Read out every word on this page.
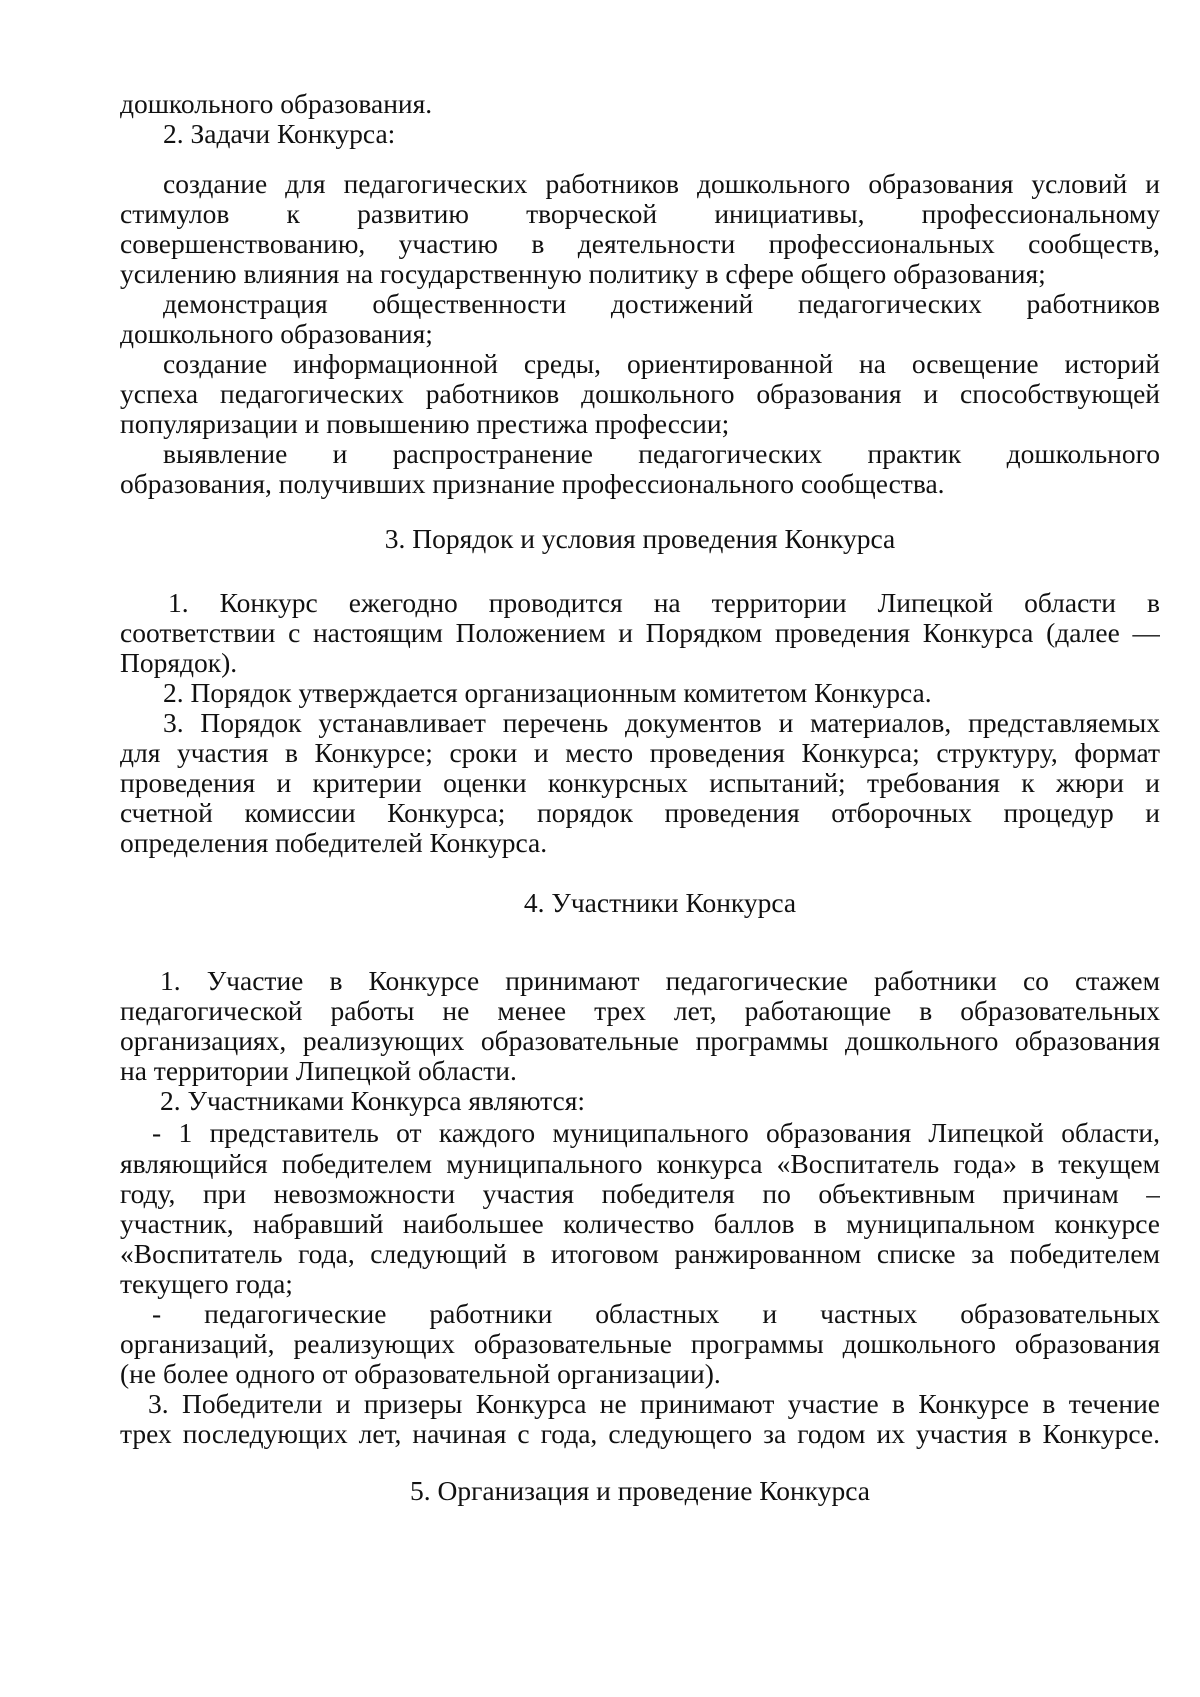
дошкольного образования.

2. Задачи Конкурса:

создание для педагогических работников дошкольного образования условий и

стимулов к развитию творческой инициативы, профессиональному

совершенствованию, участию в деятельности профессиональных сообществ,

усилению влияния на государственную политику в сфере общего образования;

демонстрация общественности достижений педагогических работников

дошкольного образования;

создание информационной среды, ориентированной на освещение историй

успеха педагогических работников дошкольного образования и способствующей

популяризации и повышению престижа профессии;

выявление и распространение педагогических практик дошкольного

образования, получивших признание профессионального сообщества.

3. Порядок и условия проведения Конкурса

1. Конкурс ежегодно проводится на территории Липецкой области в

соответствии с настоящим Положением и Порядком проведения Конкурса (далее —

Порядок).

2. Порядок утверждается организационным комитетом Конкурса.

3. Порядок устанавливает перечень документов и материалов, представляемых

для участия в Конкурсе; сроки и место проведения Конкурса; структуру, формат

проведения и критерии оценки конкурсных испытаний; требования к жюри и

счетной комиссии Конкурса; порядок проведения отборочных процедур и

определения победителей Конкурса.

4. Участники Конкурса

1. Участие в Конкурсе принимают педагогические работники со стажем

педагогической работы не менее трех лет, работающие в образовательных

организациях, реализующих образовательные программы дошкольного образования

на территории Липецкой области.

2. Участниками Конкурса являются:

- 1 представитель от каждого муниципального образования Липецкой области,

являющийся победителем муниципального конкурса «Воспитатель года» в текущем

году, при невозможности участия победителя по объективным причинам –

участник, набравший наибольшее количество баллов в муниципальном конкурсе

«Воспитатель года, следующий в итоговом ранжированном списке за победителем

текущего года;

- педагогические работники областных и частных образовательных

организаций, реализующих образовательные программы дошкольного образования

(не более одного от образовательной организации).

3. Победители и призеры Конкурса не принимают участие в Конкурсе в течение

трех последующих лет, начиная с года, следующего за годом их участия в Конкурсе.

5. Организация и проведение Конкурса
